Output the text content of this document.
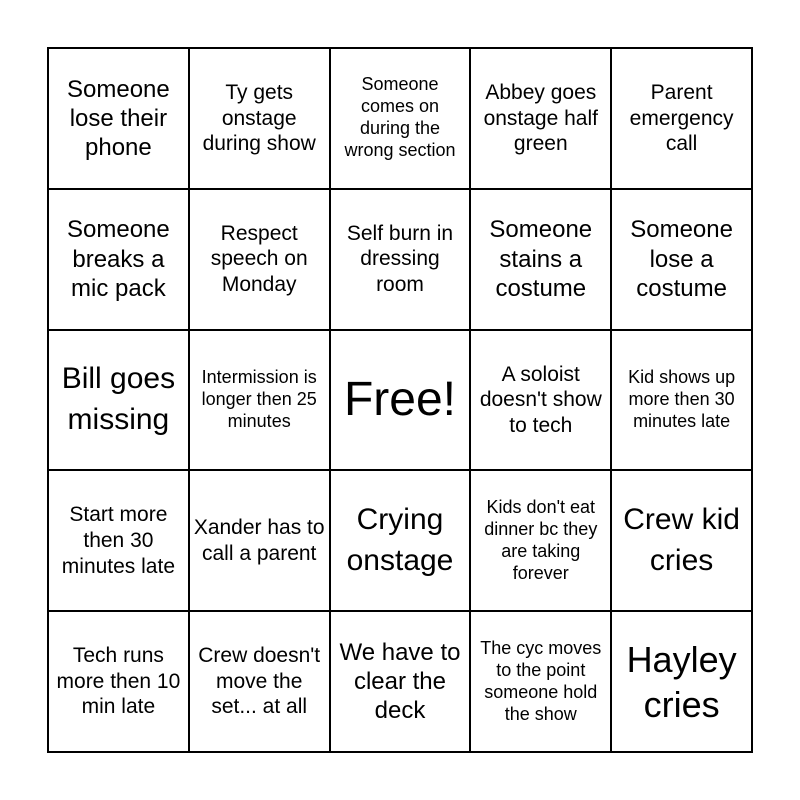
Someone lose their phone
Ty gets onstage during show
Someone comes on during the wrong section
Abbey goes onstage half green
Parent emergency call
Someone breaks a mic pack
Respect speech on Monday
Self burn in dressing room
Someone stains a costume
Someone lose a costume
Bill goes missing
Intermission is longer then 25 minutes	Free!	A soloist doesn't show to tech
Kid shows up more then 30 minutes late
Start more then 30 minutes late
Xander has to call a parent
Crying onstage
Kids don't eat dinner bc they are taking forever
Crew kid cries
Tech runs more then 10 min late
Crew doesn't move the set... at all
We have to clear the deck
The cyc moves to the point someone hold the show
Hayley cries
